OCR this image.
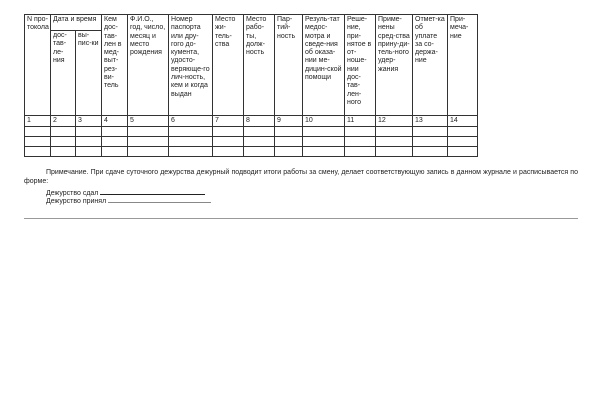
N про-токола	Дата и время		Кем дос-тав-лен в мед-выт-рез-ви-тель	Ф.И.О., год, число, месяц и место рождения	Номер паспорта или дру-гого до-кумента, удосто-веряюще-го лич-ность, кем и когда выдан	Место жи-тель-ства	Место рабо-ты, долж-ность	Пар-тий-ность	Резуль-тат медос-мотра и сведе-ния об оказа-нии ме-дицин-ской помощи	Реше-ние, при-нятое в от-ноше-нии дос-тав-лен-ного	Приме-нены сред-ства прину-ди-тель-ного удер-жания	Отмет-ка об уплате за со-держа-ние	При-меча-ние
	дос-тав-ле-ния	вы-пис-ки											
1	2	3	4	5	6	7	8	9	10	11	12	13	14

Примечание. При сдаче суточного дежурства дежурный подводит итоги работы за смену, делает соответствующую запись в данном журнале и расписывается по форме:

Дежурство сдал
Дежурство принял
